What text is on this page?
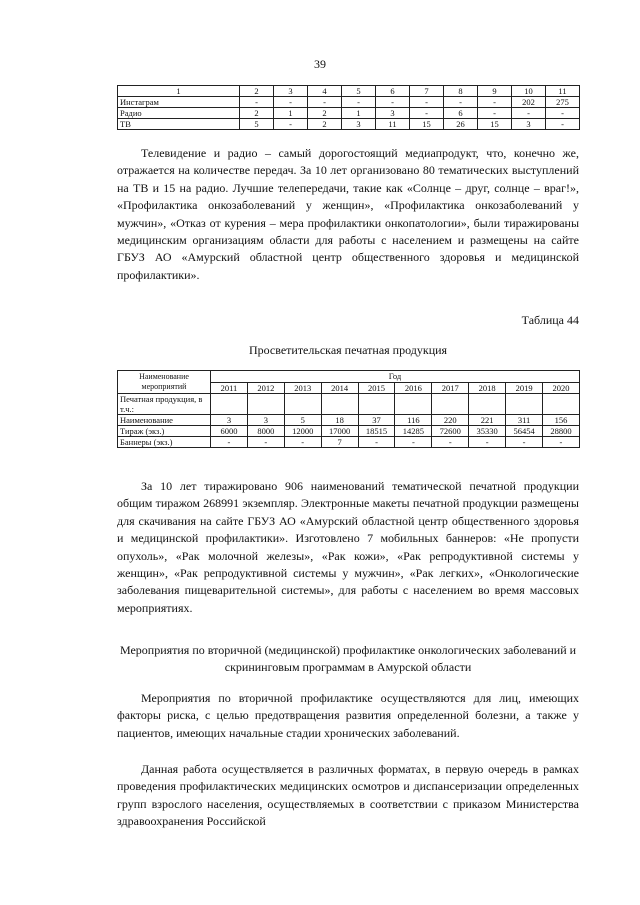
39
1	2	3	4	5	6	7	8	9	10	11
Инстаграм	-	-	-	-	-	-	-	-	202	275
Радио	2	1	2	1	3	-	6	-	-	-
ТВ	5	-	2	3	11	15	26	15	3	-

Телевидение и радио – самый дорогостоящий медиапродукт, что, конечно же, отражается на количестве передач. За 10 лет организовано 80 тематических выступлений на ТВ и 15 на радио. Лучшие телепередачи, такие как «Солнце – друг, солнце – враг!», «Профилактика онкозаболеваний у женщин», «Профилактика онкозаболеваний у мужчин», «Отказ от курения – мера профилактики онкопатологии», были тиражированы медицинским организациям области для работы с населением и размещены на сайте ГБУЗ АО «Амурский областной центр общественного здоровья и медицинской профилактики».

Таблица 44
Просветительская печатная продукция
Наименование мероприятий	Год									
	2011	2012	2013	2014	2015	2016	2017	2018	2019	2020
Печатная продукция, в т.ч.:										
Наименование	3	3	5	18	37	116	220	221	311	156
Тираж (экз.)	6000	8000	12000	17000	18515	14285	72600	35330	56454	28800
Баннеры (экз.)	-	-	-	7	-	-	-	-	-	-

За 10 лет тиражировано 906 наименований тематической печатной продукции общим тиражом 268991 экземпляр. Электронные макеты печатной продукции размещены для скачивания на сайте ГБУЗ АО «Амурский областной центр общественного здоровья и медицинской профилактики». Изготовлено 7 мобильных баннеров: «Не пропусти опухоль», «Рак молочной железы», «Рак кожи», «Рак репродуктивной системы у женщин», «Рак репродуктивной системы у мужчин», «Рак легких», «Онкологические заболевания пищеварительной системы», для работы с населением во время массовых мероприятиях.

Мероприятия по вторичной (медицинской) профилактике онкологических заболеваний и скрининговым программам в Амурской области

Мероприятия по вторичной профилактике осуществляются для лиц, имеющих факторы риска, с целью предотвращения развития определенной болезни, а также у пациентов, имеющих начальные стадии хронических заболеваний.

Данная работа осуществляется в различных форматах, в первую очередь в рамках проведения профилактических медицинских осмотров и диспансеризации определенных групп взрослого населения, осуществляемых в соответствии с приказом Министерства здравоохранения Российской
